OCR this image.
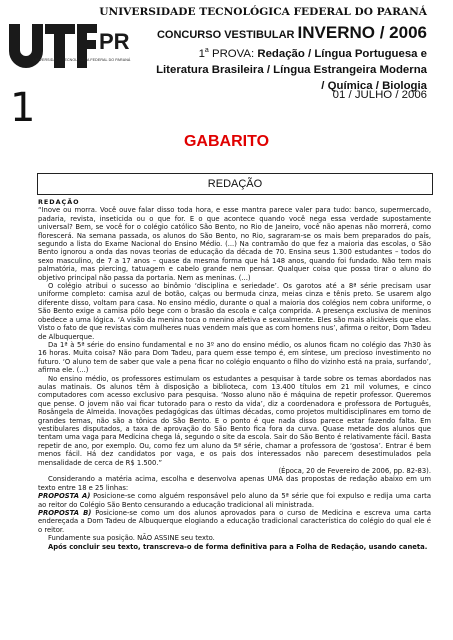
PR
UNIVERSIDADE TECNOLÓGICA FEDERAL DO PARANÁ
UNIVERSIDADE TECNOLÓGICA FEDERAL DO PARANÁ
CONCURSO VESTIBULAR INVERNO / 2006
1$^a$ PROVA: Redação / Língua Portuguesa e
Literatura Brasileira / Língua Estrangeira Moderna
/ Química / Biologia
01 / JULHO / 2006
1
GABARITO
REDAÇÃO

REDAÇÃO

“Inove ou morra. Você ouve falar disso toda hora, e esse mantra parece valer para tudo: banco, supermercado, padaria, revista, inseticida ou o que for. E o que acontece quando você nega essa verdade supostamente universal? Bem, se você for o colégio católico São Bento, no Rio de Janeiro, você não apenas não morrerá, como florescerá. Na semana passada, os alunos do São Bento, no Rio, sagraram-se os mais bem preparados do país, segundo a lista do Exame Nacional do Ensino Médio. (...) Na contramão do que fez a maioria das escolas, o São Bento ignorou a onda das novas teorias de educação da década de 70. Ensina seus 1.300 estudantes – todos do sexo masculino, de 7 a 17 anos – quase da mesma forma que há 148 anos, quando foi fundado. Não tem mais palmatória, mas piercing, tatuagem e cabelo grande nem pensar. Qualquer coisa que possa tirar o aluno do objetivo principal não passa da portaria. Nem as meninas. (...)

O colégio atribui o sucesso ao binômio ‘disciplina e seriedade’. Os garotos até a 8ª série precisam usar uniforme completo: camisa azul de botão, calças ou bermuda cinza, meias cinza e tênis preto. Se usarem algo diferente disso, voltam para casa. No ensino médio, durante o qual a maioria dos colégios nem cobra uniforme, o São Bento exige a camisa pólo bege com o brasão da escola e calça comprida. A presença exclusiva de meninos obedece a uma lógica. ‘A visão da menina toca o menino afetiva e sexualmente. Eles são mais aliciáveis que elas. Visto o fato de que revistas com mulheres nuas vendem mais que as com homens nus’, afirma o reitor, Dom Tadeu de Albuquerque.

Da 1ª à 5ª série do ensino fundamental e no 3º ano do ensino médio, os alunos ficam no colégio das 7h30 às 16 horas. Muita coisa? Não para Dom Tadeu, para quem esse tempo é, em síntese, um precioso investimento no futuro. ‘O aluno tem de saber que vale a pena ficar no colégio enquanto o filho do vizinho está na praia, surfando’, afirma ele. (...)

No ensino médio, os professores estimulam os estudantes a pesquisar à tarde sobre os temas abordados nas aulas matinais. Os alunos têm à disposição a biblioteca, com 13.400 títulos em 21 mil volumes, e cinco computadores com acesso exclusivo para pesquisa. ‘Nosso aluno não é máquina de repetir professor. Queremos que pense. O jovem não vai ficar tutorado para o resto da vida’, diz a coordenadora e professora de Português, Rosângela de Almeida. Inovações pedagógicas das últimas décadas, como projetos multidisciplinares em torno de grandes temas, não são a tônica do São Bento. E o ponto é que nada disso parece estar fazendo falta. Em vestibulares disputados, a taxa de aprovação do São Bento fica fora da curva. Quase metade dos alunos que tentam uma vaga para Medicina chega lá, segundo o site da escola. Sair do São Bento é relativamente fácil. Basta repetir de ano, por exemplo. Ou, como fez um aluno da 5ª série, chamar a professora de ‘gostosa’. Entrar é bem menos fácil. Há dez candidatos por vaga, e os pais dos interessados não parecem desestimulados pela mensalidade de cerca de R$ 1.500.”

(Época, 20 de Fevereiro de 2006, pp. 82-83).

Considerando a matéria acima, escolha e desenvolva apenas UMA das propostas de redação abaixo em um texto entre 18 e 25 linhas:

PROPOSTA A) Posicione-se como alguém responsável pelo aluno da 5ª série que foi expulso e redija uma carta ao reitor do Colégio São Bento censurando a educação tradicional ali ministrada.

PROPOSTA B) Posicione-se como um dos alunos aprovados para o curso de Medicina e escreva uma carta endereçada a Dom Tadeu de Albuquerque elogiando a educação tradicional característica do colégio do qual ele é o reitor.

Fundamente sua posição. NÃO ASSINE seu texto.

Após concluir seu texto, transcreva-o de forma definitiva para a Folha de Redação, usando caneta.
